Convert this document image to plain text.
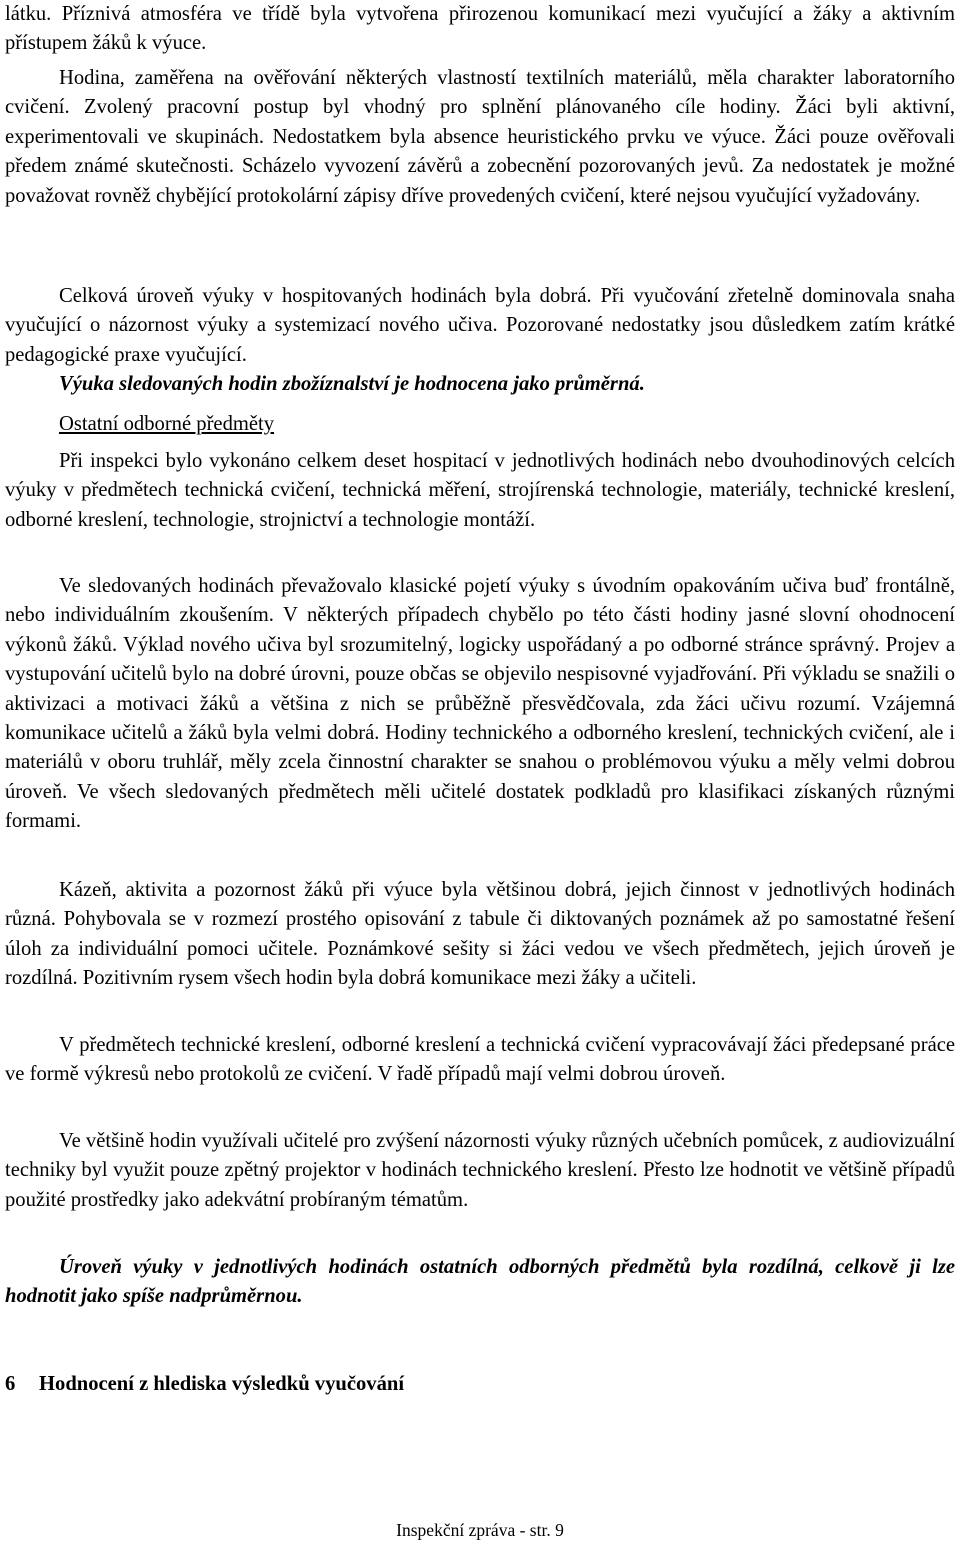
látku. Příznivá atmosféra ve třídě byla vytvořena přirozenou komunikací mezi vyučující a žáky a aktivním přístupem žáků k výuce.

Hodina, zaměřena na ověřování některých vlastností textilních materiálů, měla charakter laboratorního cvičení. Zvolený pracovní postup byl vhodný pro splnění plánovaného cíle hodiny. Žáci byli aktivní, experimentovali ve skupinách. Nedostatkem byla absence heuristického prvku ve výuce. Žáci pouze ověřovali předem známé skutečnosti. Scházelo vyvození závěrů a zobecnění pozorovaných jevů. Za nedostatek je možné považovat rovněž chybějící protokolární zápisy dříve provedených cvičení, které nejsou vyučující vyžadovány.

Celková úroveň výuky v hospitovaných hodinách byla dobrá. Při vyučování zřetelně dominovala snaha vyučující o názornost výuky a systemizací nového učiva. Pozorované nedostatky jsou důsledkem zatím krátké pedagogické praxe vyučující.

Výuka sledovaných hodin zbožíznalství je hodnocena jako průměrná.

Ostatní odborné předměty

Při inspekci bylo vykonáno celkem deset hospitací v jednotlivých hodinách nebo dvouhodinových celcích výuky v předmětech technická cvičení, technická měření, strojírenská technologie, materiály, technické kreslení, odborné kreslení, technologie, strojnictví a technologie montáží.

Ve sledovaných hodinách převažovalo klasické pojetí výuky s úvodním opakováním učiva buď frontálně, nebo individuálním zkoušením. V některých případech chybělo po této části hodiny jasné slovní ohodnocení výkonů žáků. Výklad nového učiva byl srozumitelný, logicky uspořádaný a po odborné stránce správný. Projev a vystupování učitelů bylo na dobré úrovni, pouze občas se objevilo nespisovné vyjadřování. Při výkladu se snažili o aktivizaci a motivaci žáků a většina z nich se průběžně přesvědčovala, zda žáci učivu rozumí. Vzájemná komunikace učitelů a žáků byla velmi dobrá. Hodiny technického a odborného kreslení, technických cvičení, ale i materiálů v oboru truhlář, měly zcela činnostní charakter se snahou o problémovou výuku a měly velmi dobrou úroveň. Ve všech sledovaných předmětech měli učitelé dostatek podkladů pro klasifikaci získaných různými formami.

Kázeň, aktivita a pozornost žáků při výuce byla většinou dobrá, jejich činnost v jednotlivých hodinách různá. Pohybovala se v rozmezí prostého opisování z tabule či diktovaných poznámek až po samostatné řešení úloh za individuální pomoci učitele. Poznámkové sešity si žáci vedou ve všech předmětech, jejich úroveň je rozdílná. Pozitivním rysem všech hodin byla dobrá komunikace mezi žáky a učiteli.

V předmětech technické kreslení, odborné kreslení a technická cvičení vypracovávají žáci předepsané práce ve formě výkresů nebo protokolů ze cvičení. V řadě případů mají velmi dobrou úroveň.

Ve většině hodin využívali učitelé pro zvýšení názornosti výuky různých učebních pomůcek, z audiovizuální techniky byl využit pouze zpětný projektor v hodinách technického kreslení. Přesto lze hodnotit ve většině případů použité prostředky jako adekvátní probíraným tématům.

Úroveň výuky v jednotlivých hodinách ostatních odborných předmětů byla rozdílná, celkově ji lze hodnotit jako spíše nadprůměrnou.

6 Hodnocení z hlediska výsledků vyučování
Inspekční zpráva - str. 9
